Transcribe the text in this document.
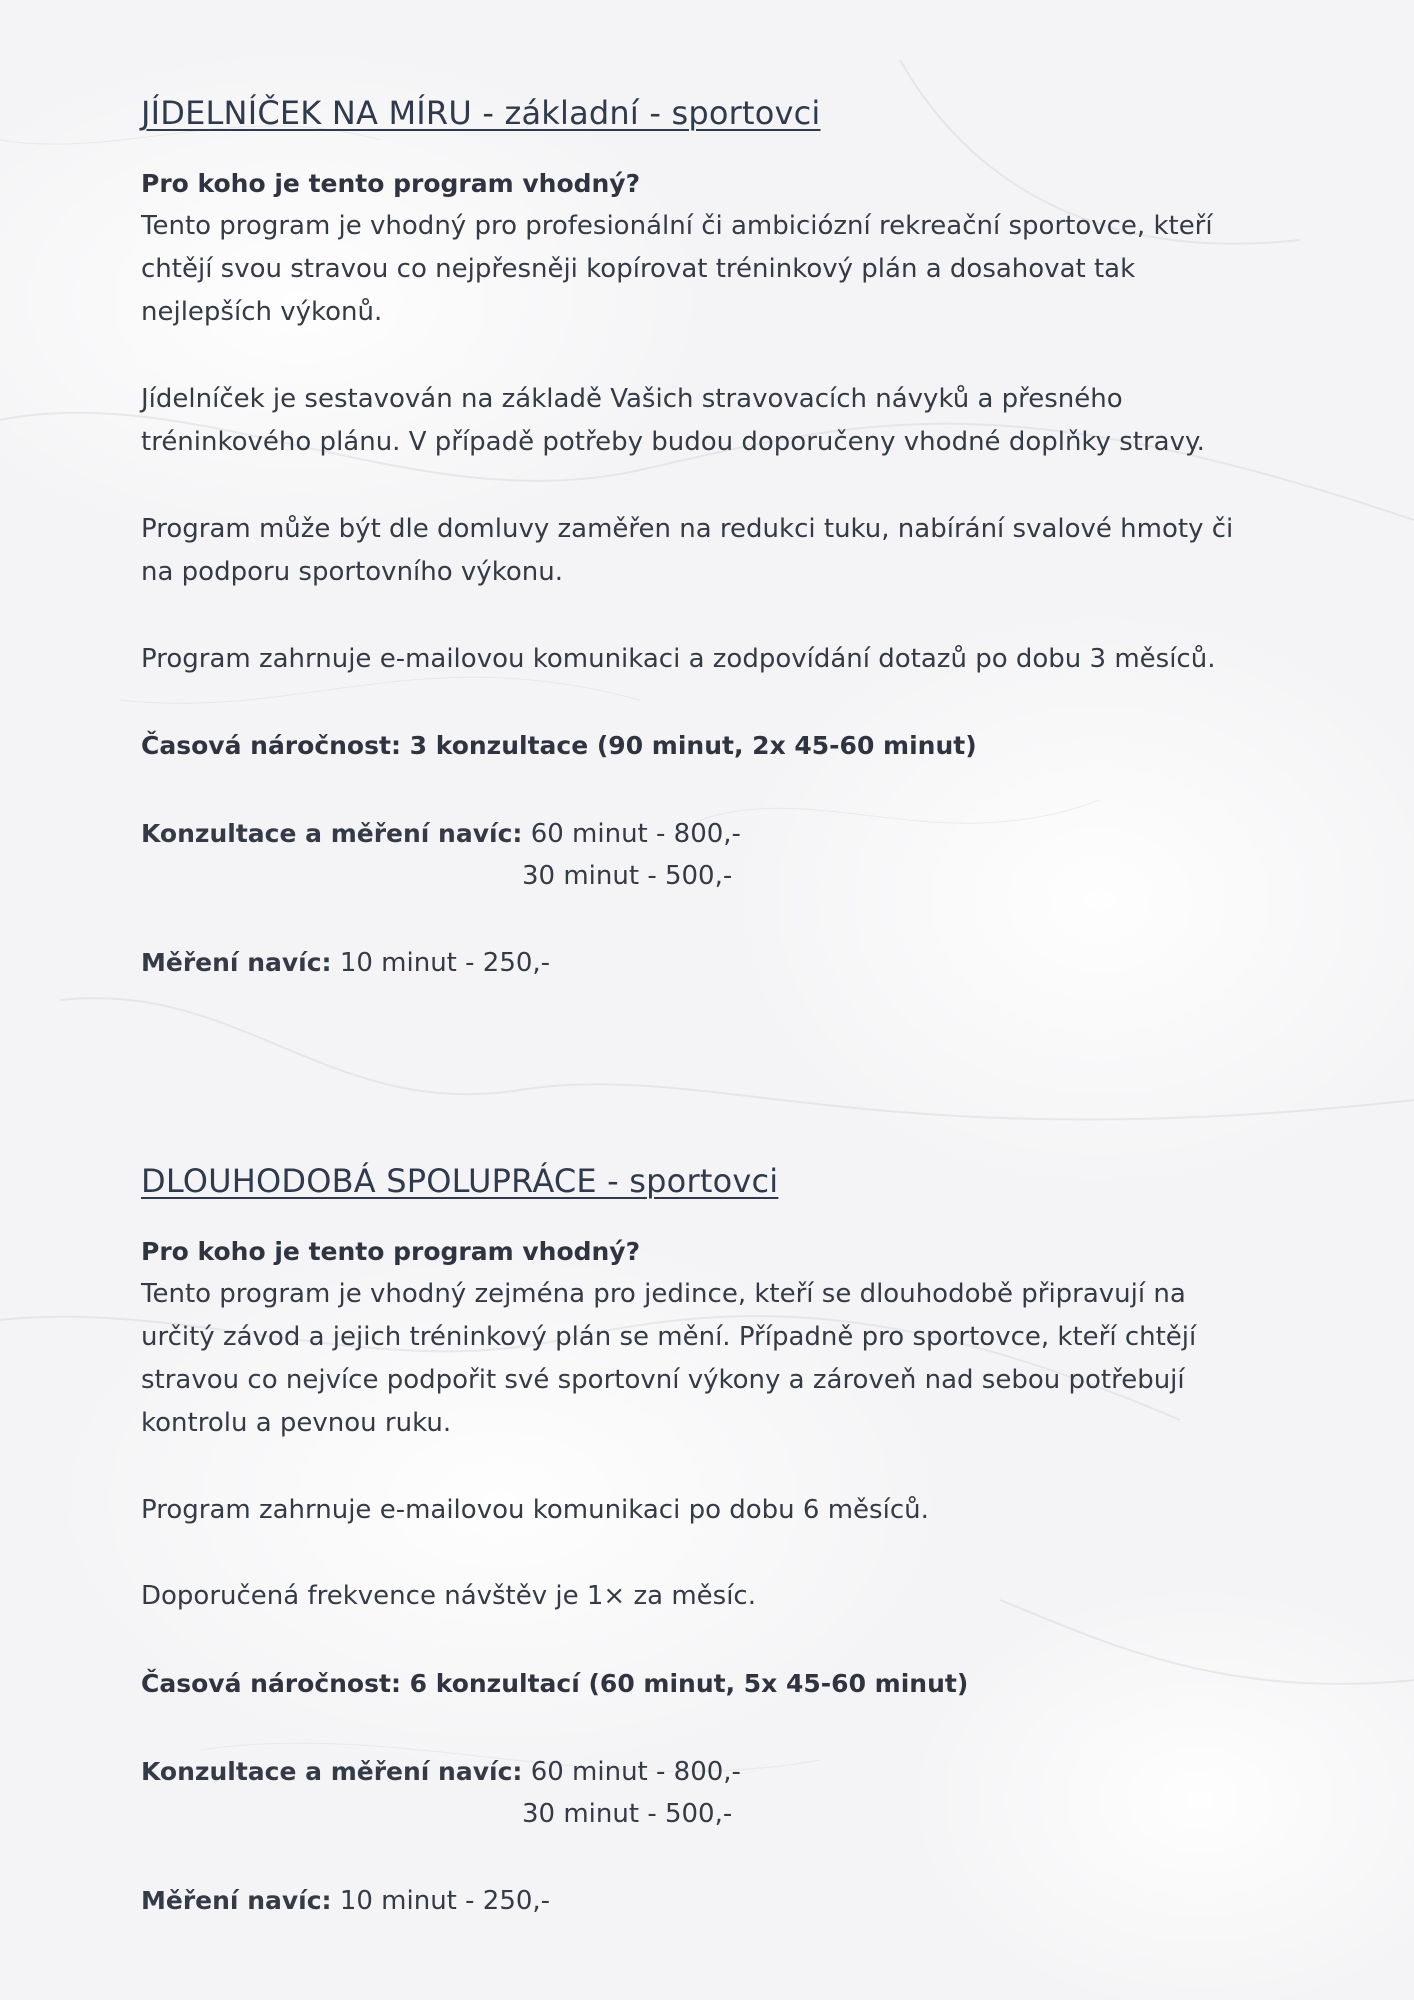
JÍDELNÍČEK NA MÍRU - základní - sportovci
Pro koho je tento program vhodný?
Tento program je vhodný pro profesionální či ambiciózní rekreační sportovce, kteří
chtějí svou stravou co nejpřesněji kopírovat tréninkový plán a dosahovat tak
nejlepších výkonů.
Jídelníček je sestavován na základě Vašich stravovacích návyků a přesného
tréninkového plánu. V případě potřeby budou doporučeny vhodné doplňky stravy.
Program může být dle domluvy zaměřen na redukci tuku, nabírání svalové hmoty či
na podporu sportovního výkonu.
Program zahrnuje e-mailovou komunikaci a zodpovídání dotazů po dobu 3 měsíců.
Časová náročnost: 3 konzultace (90 minut, 2x 45-60 minut)
Konzultace a měření navíc: 60 minut - 800,-
30 minut - 500,-
Měření navíc: 10 minut - 250,-
DLOUHODOBÁ SPOLUPRÁCE - sportovci
Pro koho je tento program vhodný?
Tento program je vhodný zejména pro jedince, kteří se dlouhodobě připravují na
určitý závod a jejich tréninkový plán se mění. Případně pro sportovce, kteří chtějí
stravou co nejvíce podpořit své sportovní výkony a zároveň nad sebou potřebují
kontrolu a pevnou ruku.
Program zahrnuje e-mailovou komunikaci po dobu 6 měsíců.
Doporučená frekvence návštěv je 1× za měsíc.
Časová náročnost: 6 konzultací (60 minut, 5x 45-60 minut)
Konzultace a měření navíc: 60 minut - 800,-
30 minut - 500,-
Měření navíc: 10 minut - 250,-
